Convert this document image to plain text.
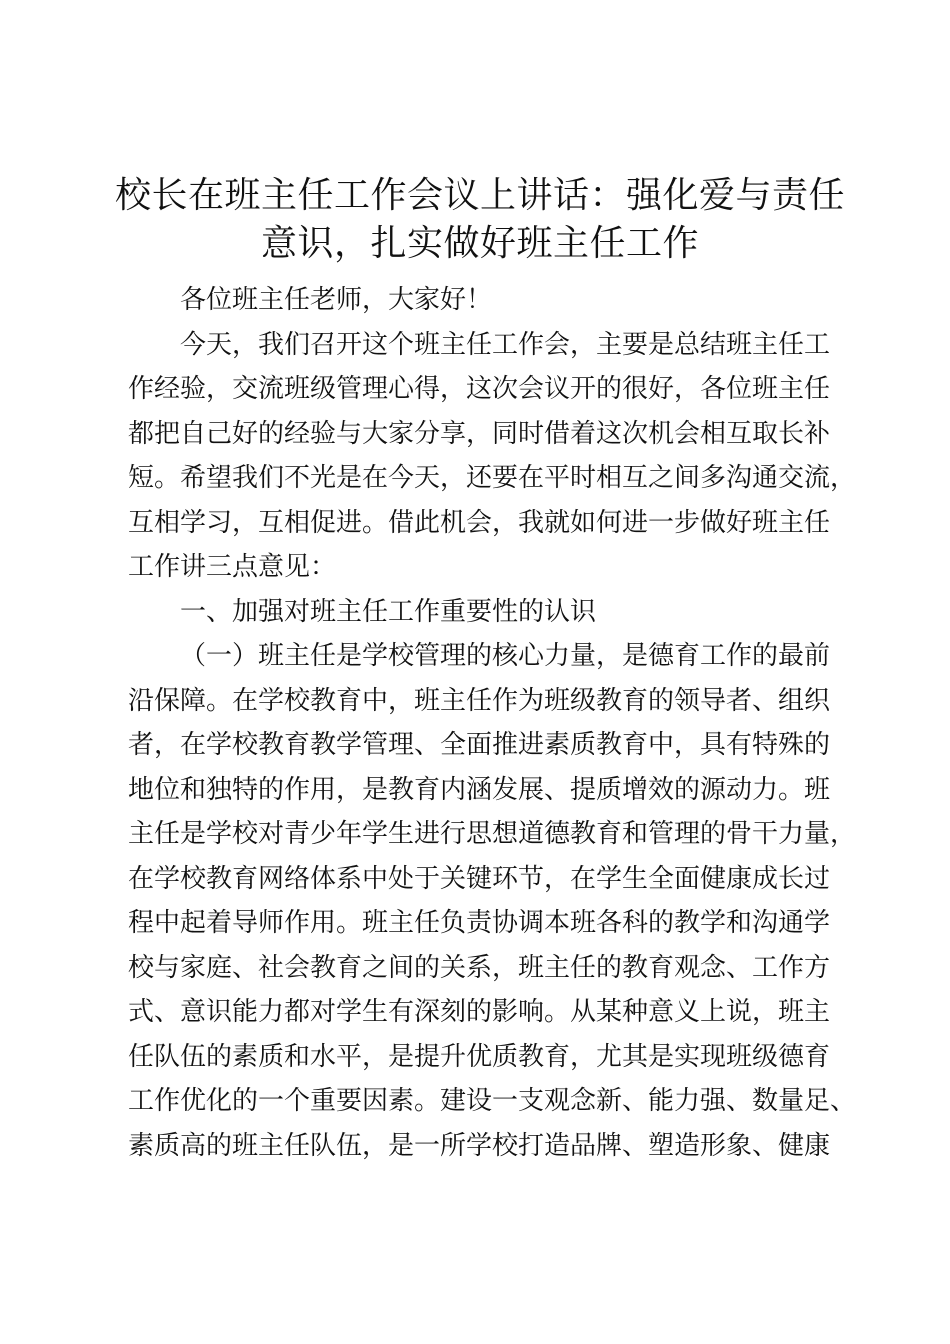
校长在班主任工作会议上讲话：强化爱与责任
意识，扎实做好班主任工作
各位班主任老师，大家好！
今天，我们召开这个班主任工作会，主要是总结班主任工
作经验，交流班级管理心得，这次会议开的很好，各位班主任
都把自己好的经验与大家分享，同时借着这次机会相互取长补
短。希望我们不光是在今天，还要在平时相互之间多沟通交流，
互相学习，互相促进。借此机会，我就如何进一步做好班主任
工作讲三点意见：
一、加强对班主任工作重要性的认识
（一）班主任是学校管理的核心力量，是德育工作的最前
沿保障。在学校教育中，班主任作为班级教育的领导者、组织
者，在学校教育教学管理、全面推进素质教育中，具有特殊的
地位和独特的作用，是教育内涵发展、提质增效的源动力。班
主任是学校对青少年学生进行思想道德教育和管理的骨干力量，
在学校教育网络体系中处于关键环节，在学生全面健康成长过
程中起着导师作用。班主任负责协调本班各科的教学和沟通学
校与家庭、社会教育之间的关系，班主任的教育观念、工作方
式、意识能力都对学生有深刻的影响。从某种意义上说，班主
任队伍的素质和水平，是提升优质教育，尤其是实现班级德育
工作优化的一个重要因素。建设一支观念新、能力强、数量足、
素质高的班主任队伍，是一所学校打造品牌、塑造形象、健康
